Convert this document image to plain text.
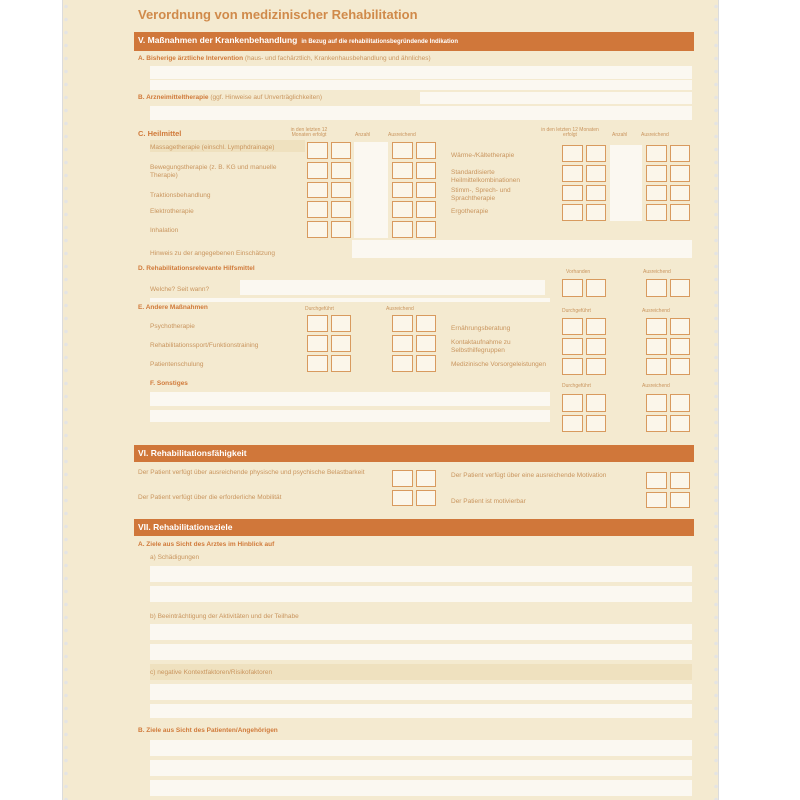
Verordnung von medizinischer Rehabilitation
V. Maßnahmen der Krankenbehandlung in Bezug auf die rehabilitationsbegründende Indikation
A. Bisherige ärztliche Intervention (haus- und fachärztlich, Krankenhausbehandlung und ähnliches)
B. Arzneimitteltherapie (ggf. Hinweise auf Unverträglichkeiten)
C. Heilmittel	in den letzten 12 Monaten erfolgt	Anzahl	Ausreichend
in den letzten 12 Monaten erfolgt	Anzahl	Ausreichend
Massagetherapie (einschl. Lymphdrainage)
Bewegungstherapie (z. B. KG und manuelle Therapie)
Traktionsbehandlung
Elektrotherapie
Inhalation
Wärme-/Kältetherapie
Standardisierte Heilmittelkombinationen
Stimm-, Sprech- und Sprachtherapie
Ergotherapie
Hinweis zu der angegebenen Einschätzung
D. Rehabilitationsrelevante Hilfsmittel	Vorhanden	Ausreichend
Welche? Seit wann?
E. Andere Maßnahmen	Durchgeführt	Ausreichend	Durchgeführt	Ausreichend
Psychotherapie
Rehabilitationssport/Funktionstraining
Patientenschulung
Ernährungsberatung
Kontaktaufnahme zu Selbsthilfegruppen
Medizinische Vorsorgeleistungen
F. Sonstiges	Durchgeführt	Ausreichend
VI. Rehabilitationsfähigkeit
Der Patient verfügt über ausreichende physische und psychische Belastbarkeit
Der Patient verfügt über die erforderliche Mobilität
Der Patient verfügt über eine ausreichende Motivation
Der Patient ist motivierbar
VII. Rehabilitationsziele
A. Ziele aus Sicht des Arztes im Hinblick auf
a) Schädigungen
b) Beeinträchtigung der Aktivitäten und der Teilhabe
c) negative Kontextfaktoren/Risikofaktoren
B. Ziele aus Sicht des Patienten/Angehörigen
